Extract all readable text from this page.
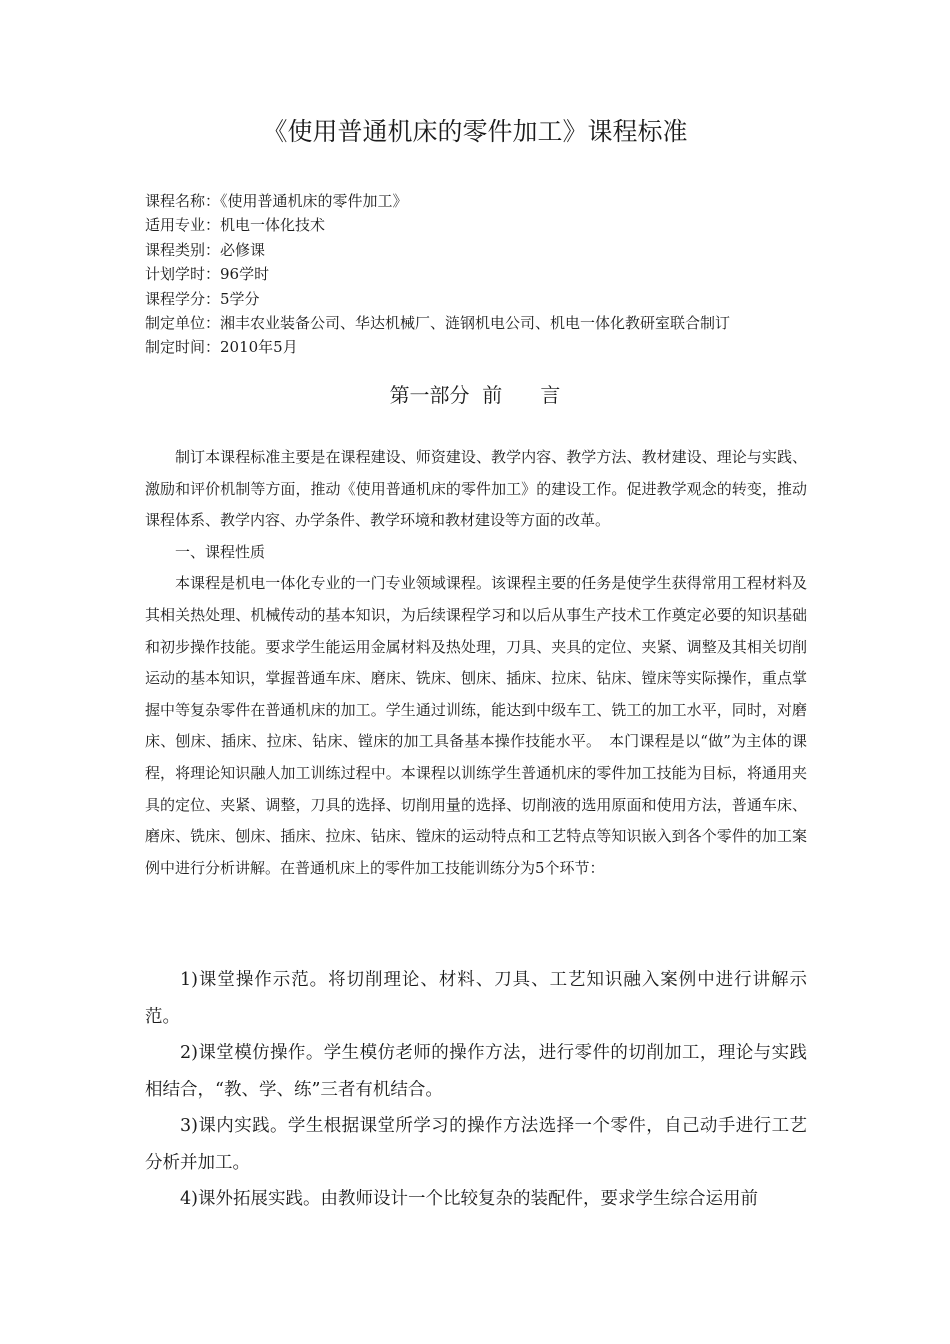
《使用普通机床的零件加工》课程标准
课程名称：《使用普通机床的零件加工》
适用专业：机电一体化技术
课程类别：必修课
计划学时：96学时
课程学分：5学分
制定单位：湘丰农业装备公司、华达机械厂、涟钢机电公司、机电一体化教研室联合制订
制定时间：2010年5月
第一部分  前      言

制订本课程标准主要是在课程建设、师资建设、教学内容、教学方法、教材建设、理论与实践、激励和评价机制等方面，推动《使用普通机床的零件加工》的建设工作。促进教学观念的转变，推动课程体系、教学内容、办学条件、教学环境和教材建设等方面的改革。

一、课程性质

本课程是机电一体化专业的一门专业领域课程。该课程主要的任务是使学生获得常用工程材料及其相关热处理、机械传动的基本知识，为后续课程学习和以后从事生产技术工作奠定必要的知识基础和初步操作技能。要求学生能运用金属材料及热处理，刀具、夹具的定位、夹紧、调整及其相关切削运动的基本知识，掌握普通车床、磨床、铣床、刨床、插床、拉床、钻床、镗床等实际操作，重点掌握中等复杂零件在普通机床的加工。学生通过训练，能达到中级车工、铣工的加工水平，同时，对磨床、刨床、插床、拉床、钻床、镗床的加工具备基本操作技能水平。　本门课程是以“做”为主体的课程，将理论知识融人加工训练过程中。本课程以训练学生普通机床的零件加工技能为目标，将通用夹具的定位、夹紧、调整，刀具的选择、切削用量的选择、切削液的选用原面和使用方法，普通车床、磨床、铣床、刨床、插床、拉床、钻床、镗床的运动特点和工艺特点等知识嵌入到各个零件的加工案例中进行分析讲解。在普通机床上的零件加工技能训练分为5个环节：

1)课堂操作示范。将切削理论、材料、刀具、工艺知识融入案例中进行讲解示范。

2)课堂模仿操作。学生模仿老师的操作方法，进行零件的切削加工，理论与实践相结合，“教、学、练”三者有机结合。

3)课内实践。学生根据课堂所学习的操作方法选择一个零件，自己动手进行工艺分析并加工。

4)课外拓展实践。由教师设计一个比较复杂的装配件，要求学生综合运用前
